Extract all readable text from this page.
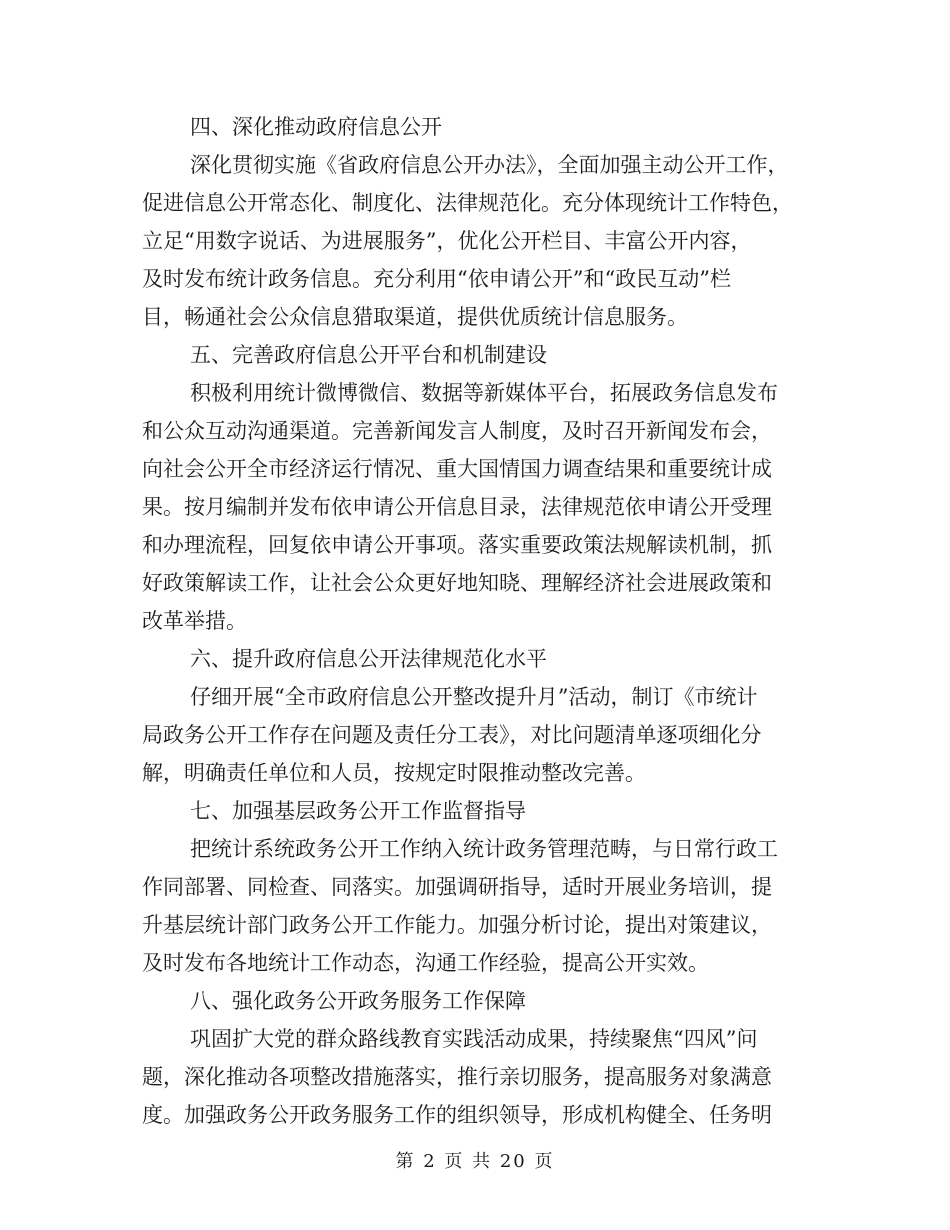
四、深化推动政府信息公开
深化贯彻实施《省政府信息公开办法》，全面加强主动公开工作，
促进信息公开常态化、制度化、法律规范化。充分体现统计工作特色，
立足“用数字说话、为进展服务”，优化公开栏目、丰富公开内容，
及时发布统计政务信息。充分利用“依申请公开”和“政民互动”栏
目，畅通社会公众信息猎取渠道，提供优质统计信息服务。
五、完善政府信息公开平台和机制建设
积极利用统计微博微信、数据等新媒体平台，拓展政务信息发布
和公众互动沟通渠道。完善新闻发言人制度，及时召开新闻发布会，
向社会公开全市经济运行情况、重大国情国力调查结果和重要统计成
果。按月编制并发布依申请公开信息目录，法律规范依申请公开受理
和办理流程，回复依申请公开事项。落实重要政策法规解读机制，抓
好政策解读工作，让社会公众更好地知晓、理解经济社会进展政策和
改革举措。
六、提升政府信息公开法律规范化水平
仔细开展“全市政府信息公开整改提升月”活动，制订《市统计
局政务公开工作存在问题及责任分工表》，对比问题清单逐项细化分
解，明确责任单位和人员，按规定时限推动整改完善。
七、加强基层政务公开工作监督指导
把统计系统政务公开工作纳入统计政务管理范畴，与日常行政工
作同部署、同检查、同落实。加强调研指导，适时开展业务培训，提
升基层统计部门政务公开工作能力。加强分析讨论，提出对策建议，
及时发布各地统计工作动态，沟通工作经验，提高公开实效。
八、强化政务公开政务服务工作保障
巩固扩大党的群众路线教育实践活动成果，持续聚焦“四风”问
题，深化推动各项整改措施落实，推行亲切服务，提高服务对象满意
度。加强政务公开政务服务工作的组织领导，形成机构健全、任务明
第 2 页 共 20 页
